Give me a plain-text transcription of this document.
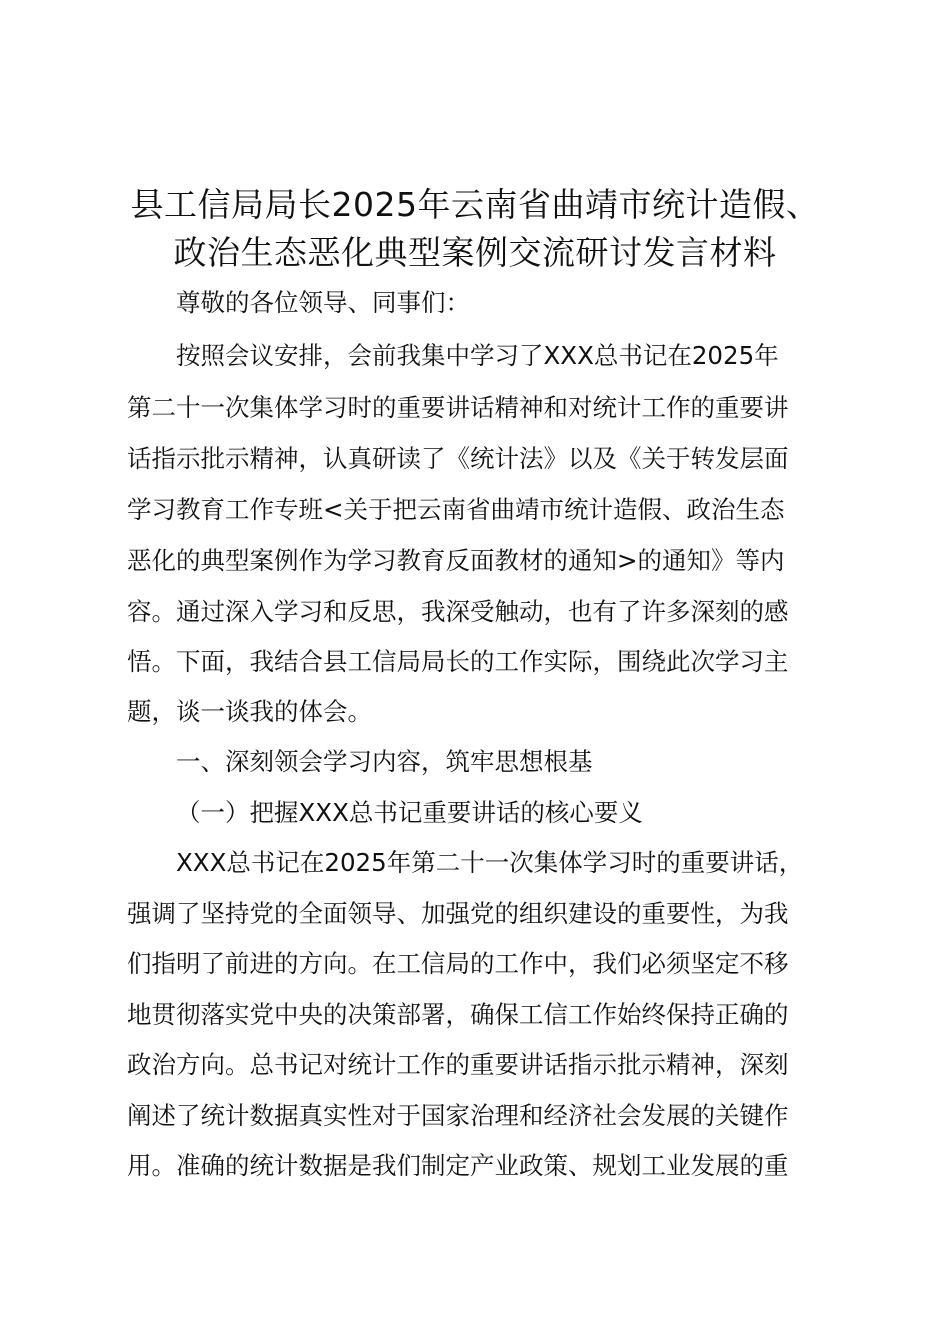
县工信局局长2025年云南省曲靖市统计造假、
政治生态恶化典型案例交流研讨发言材料
尊敬的各位领导、同事们：
按照会议安排，会前我集中学习了XXX总书记在2025年
第二十一次集体学习时的重要讲话精神和对统计工作的重要讲
话指示批示精神，认真研读了《统计法》以及《关于转发层面
学习教育工作专班<关于把云南省曲靖市统计造假、政治生态
恶化的典型案例作为学习教育反面教材的通知>的通知》等内
容。通过深入学习和反思，我深受触动，也有了许多深刻的感
悟。下面，我结合县工信局局长的工作实际，围绕此次学习主
题，谈一谈我的体会。
一、深刻领会学习内容，筑牢思想根基
（一）把握XXX总书记重要讲话的核心要义
XXX总书记在2025年第二十一次集体学习时的重要讲话，
强调了坚持党的全面领导、加强党的组织建设的重要性，为我
们指明了前进的方向。在工信局的工作中，我们必须坚定不移
地贯彻落实党中央的决策部署，确保工信工作始终保持正确的
政治方向。总书记对统计工作的重要讲话指示批示精神，深刻
阐述了统计数据真实性对于国家治理和经济社会发展的关键作
用。准确的统计数据是我们制定产业政策、规划工业发展的重
